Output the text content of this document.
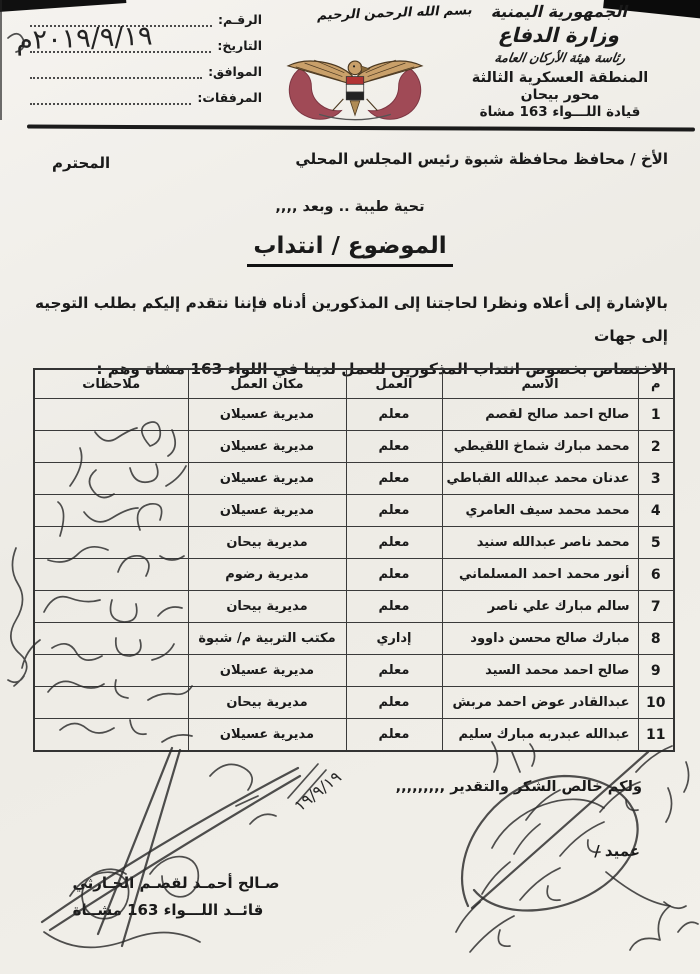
الرقـم:
التاريخ:
الموافق:
المرفقات:
‭م٢٠١٩/٩/١٩‬
بسم الله الرحمن الرحيم الجمهورية اليمنية
وزارة الدفاع
رئاسة هيئة الأركان العامة
المنطقة العسكرية الثالثة
محور بيحان
قيادة اللـــواء 163 مشاة
الأخ / محافظ محافظة شبوة رئيس المجلس المحلي
المحترم
تحية طيبة .. وبعد ,,,,
الموضوع / انتداب
بالإشارة إلى أعلاه ونظرا لحاجتنا إلى المذكورين أدناه فإننا نتقدم إليكم بطلب التوجيه إلى جهات
الاختصاص بخصوص انتداب المذكورين للعمل لدينا في اللواء 163 مشاة وهم :
م	الاسم	العمل	مكان العمل	ملاحظات
1	صالح احمد صالح لقصم	معلم	مديرية عسيلان	
2	محمد مبارك شماخ اللقيطي	معلم	مديرية عسيلان	
3	عدنان محمد عبدالله القباطي	معلم	مديرية عسيلان	
4	محمد محمد سيف العامري	معلم	مديرية عسيلان	
5	محمد ناصر عبدالله سنيد	معلم	مديرية بيحان	
6	أنور محمد احمد المسلماني	معلم	مديرية رضوم	
7	سالم مبارك علي ناصر	معلم	مديرية بيحان	
8	مبارك صالح محسن داوود	إداري	مكتب التربية م/ شبوة	
9	صالح احمد محمد السيد	معلم	مديرية عسيلان	
10	عبدالقادر عوض احمد مربش	معلم	مديرية بيحان	
11	عبدالله عبدربه مبارك سليم	معلم	مديرية عسيلان	
ولكم خالص الشكر والتقدير ,,,,,,,,,
عميد /
صـالح أحمـد لقصـم الحـارثي
قائــد اللـــواء 163 مشــاة
‭١٩/٩/١٩‬
